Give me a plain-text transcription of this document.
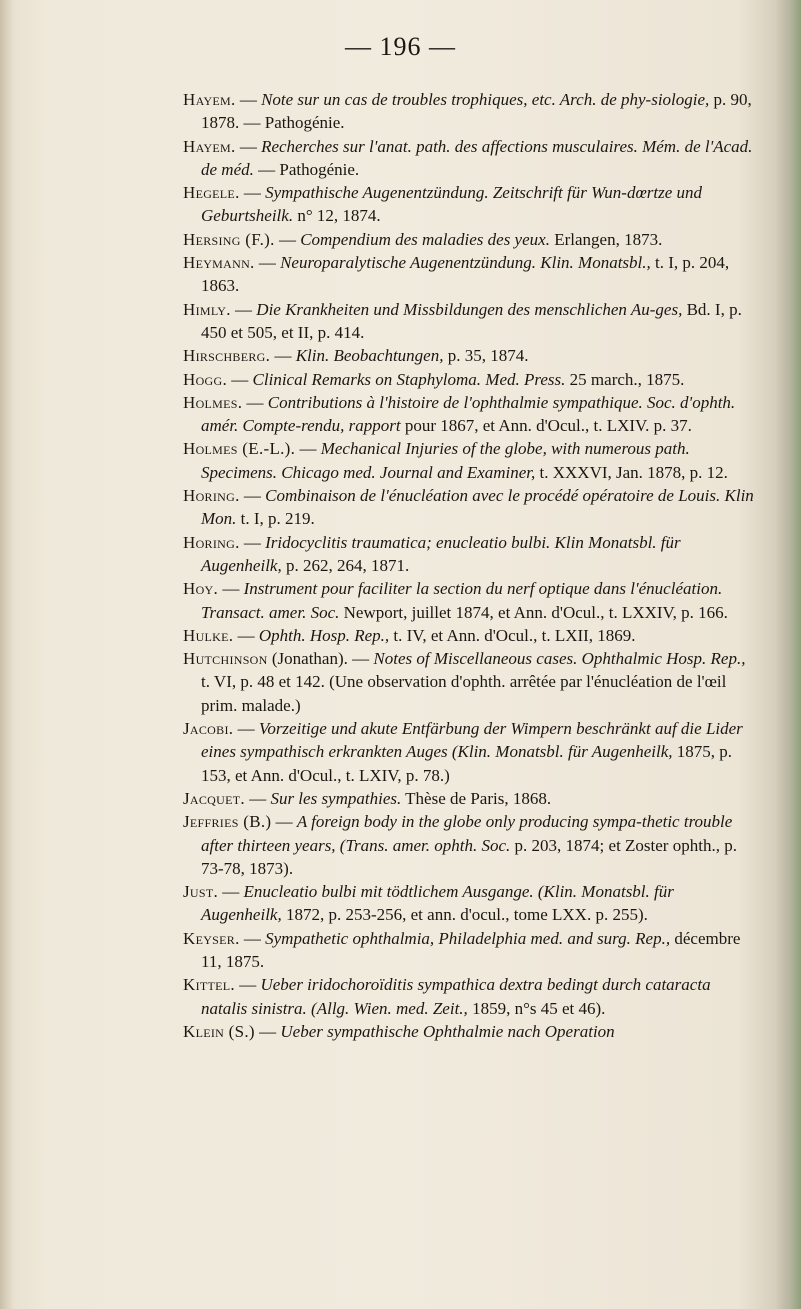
— 196 —

Hayem. — Note sur un cas de troubles trophiques, etc. Arch. de phy-siologie, p. 90, 1878. — Pathogénie.

Hayem. — Recherches sur l'anat. path. des affections musculaires. Mém. de l'Acad. de méd. — Pathogénie.

Hegele. — Sympathische Augenentzündung. Zeitschrift für Wun-dœrtze und Geburtsheilk. n° 12, 1874.

Hersing (F.). — Compendium des maladies des yeux. Erlangen, 1873.

Heymann. — Neuroparalytische Augenentzündung. Klin. Monatsbl., t. I, p. 204, 1863.

Himly. — Die Krankheiten und Missbildungen des menschlichen Au-ges, Bd. I, p. 450 et 505, et II, p. 414.

Hirschberg. — Klin. Beobachtungen, p. 35, 1874.

Hogg. — Clinical Remarks on Staphyloma. Med. Press. 25 march., 1875.

Holmes. — Contributions à l'histoire de l'ophthalmie sympathique. Soc. d'ophth. amér. Compte-rendu, rapport pour 1867, et Ann. d'Ocul., t. LXIV. p. 37.

Holmes (E.-L.). — Mechanical Injuries of the globe, with numerous path. Specimens. Chicago med. Journal and Examiner, t. XXXVI, Jan. 1878, p. 12.

Horing. — Combinaison de l'énucléation avec le procédé opératoire de Louis. Klin Mon. t. I, p. 219.

Horing. — Iridocyclitis traumatica; enucleatio bulbi. Klin Monatsbl. für Augenheilk, p. 262, 264, 1871.

Hoy. — Instrument pour faciliter la section du nerf optique dans l'énucléation. Transact. amer. Soc. Newport, juillet 1874, et Ann. d'Ocul., t. LXXIV, p. 166.

Hulke. — Ophth. Hosp. Rep., t. IV, et Ann. d'Ocul., t. LXII, 1869.

Hutchinson (Jonathan). — Notes of Miscellaneous cases. Ophthalmic Hosp. Rep., t. VI, p. 48 et 142. (Une observation d'ophth. arrêtée par l'énucléation de l'œil prim. malade.)

Jacobi. — Vorzeitige und akute Entfärbung der Wimpern beschränkt auf die Lider eines sympathisch erkrankten Auges (Klin. Monatsbl. für Augenheilk, 1875, p. 153, et Ann. d'Ocul., t. LXIV, p. 78.)

Jacquet. — Sur les sympathies. Thèse de Paris, 1868.

Jeffries (B.) — A foreign body in the globe only producing sympa-thetic trouble after thirteen years, (Trans. amer. ophth. Soc. p. 203, 1874; et Zoster ophth., p. 73-78, 1873).

Just. — Enucleatio bulbi mit tödtlichem Ausgange. (Klin. Monatsbl. für Augenheilk, 1872, p. 253-256, et ann. d'ocul., tome LXX. p. 255).

Keyser. — Sympathetic ophthalmia, Philadelphia med. and surg. Rep., décembre 11, 1875.

Kittel. — Ueber iridochoroïditis sympathica dextra bedingt durch cataracta natalis sinistra. (Allg. Wien. med. Zeit., 1859, n°s 45 et 46).

Klein (S.) — Ueber sympathische Ophthalmie nach Operation
